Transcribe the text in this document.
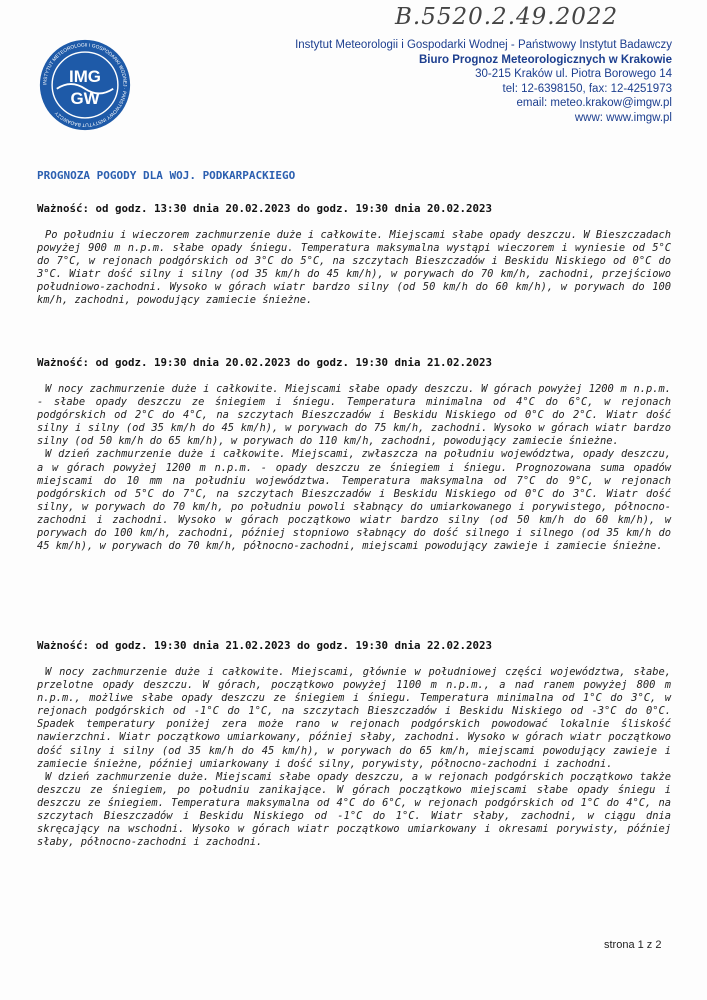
B.5520.2.49.2022
IMG
GW
INSTYTUT METEOROLOGII I GOSPODARKI WODNEJ · PAŃSTWOWY INSTYTUT BADAWCZY
Instytut Meteorologii i Gospodarki Wodnej - Państwowy Instytut Badawczy
Biuro Prognoz Meteorologicznych w Krakowie
30-215 Kraków ul. Piotra Borowego 14
tel: 12-6398150, fax: 12-4251973
email: meteo.krakow@imgw.pl
www: www.imgw.pl
PROGNOZA POGODY DLA WOJ. PODKARPACKIEGO
Ważność: od godz. 13:30 dnia 20.02.2023 do godz. 19:30 dnia 20.02.2023

Po południu i wieczorem zachmurzenie duże i całkowite. Miejscami słabe opady deszczu. W Bieszczadach powyżej 900 m n.p.m. słabe opady śniegu. Temperatura maksymalna wystąpi wieczorem i wyniesie od 5°C do 7°C, w rejonach podgórskich od 3°C do 5°C, na szczytach Bieszczadów i Beskidu Niskiego od 0°C do 3°C. Wiatr dość silny i silny (od 35 km/h do 45 km/h), w porywach do 70 km/h, zachodni, przejściowo południowo-zachodni. Wysoko w górach wiatr bardzo silny (od 50 km/h do 60 km/h), w porywach do 100 km/h, zachodni, powodujący zamiecie śnieżne.

Ważność: od godz. 19:30 dnia 20.02.2023 do godz. 19:30 dnia 21.02.2023

W nocy zachmurzenie duże i całkowite. Miejscami słabe opady deszczu. W górach powyżej 1200 m n.p.m. - słabe opady deszczu ze śniegiem i śniegu. Temperatura minimalna od 4°C do 6°C, w rejonach podgórskich od 2°C do 4°C, na szczytach Bieszczadów i Beskidu Niskiego od 0°C do 2°C. Wiatr dość silny i silny (od 35 km/h do 45 km/h), w porywach do 75 km/h, zachodni. Wysoko w górach wiatr bardzo silny (od 50 km/h do 65 km/h), w porywach do 110 km/h, zachodni, powodujący zamiecie śnieżne.

W dzień zachmurzenie duże i całkowite. Miejscami, zwłaszcza na południu województwa, opady deszczu, a w górach powyżej 1200 m n.p.m. - opady deszczu ze śniegiem i śniegu. Prognozowana suma opadów miejscami do 10 mm na południu województwa. Temperatura maksymalna od 7°C do 9°C, w rejonach podgórskich od 5°C do 7°C, na szczytach Bieszczadów i Beskidu Niskiego od 0°C do 3°C. Wiatr dość silny, w porywach do 70 km/h, po południu powoli słabnący do umiarkowanego i porywistego, północno-zachodni i zachodni. Wysoko w górach początkowo wiatr bardzo silny (od 50 km/h do 60 km/h), w porywach do 100 km/h, zachodni, później stopniowo słabnący do dość silnego i silnego (od 35 km/h do 45 km/h), w porywach do 70 km/h, północno-zachodni, miejscami powodujący zawieje i zamiecie śnieżne.

Ważność: od godz. 19:30 dnia 21.02.2023 do godz. 19:30 dnia 22.02.2023

W nocy zachmurzenie duże i całkowite. Miejscami, głównie w południowej części województwa, słabe, przelotne opady deszczu. W górach, początkowo powyżej 1100 m n.p.m., a nad ranem powyżej 800 m n.p.m., możliwe słabe opady deszczu ze śniegiem i śniegu. Temperatura minimalna od 1°C do 3°C, w rejonach podgórskich od -1°C do 1°C, na szczytach Bieszczadów i Beskidu Niskiego od -3°C do 0°C. Spadek temperatury poniżej zera może rano w rejonach podgórskich powodować lokalnie śliskość nawierzchni. Wiatr początkowo umiarkowany, później słaby, zachodni. Wysoko w górach wiatr początkowo dość silny i silny (od 35 km/h do 45 km/h), w porywach do 65 km/h, miejscami powodujący zawieje i zamiecie śnieżne, później umiarkowany i dość silny, porywisty, północno-zachodni i zachodni.

W dzień zachmurzenie duże. Miejscami słabe opady deszczu, a w rejonach podgórskich początkowo także deszczu ze śniegiem, po południu zanikające. W górach początkowo miejscami słabe opady śniegu i deszczu ze śniegiem. Temperatura maksymalna od 4°C do 6°C, w rejonach podgórskich od 1°C do 4°C, na szczytach Bieszczadów i Beskidu Niskiego od -1°C do 1°C. Wiatr słaby, zachodni, w ciągu dnia skręcający na wschodni. Wysoko w górach wiatr początkowo umiarkowany i okresami porywisty, później słaby, północno-zachodni i zachodni.

strona 1 z 2
